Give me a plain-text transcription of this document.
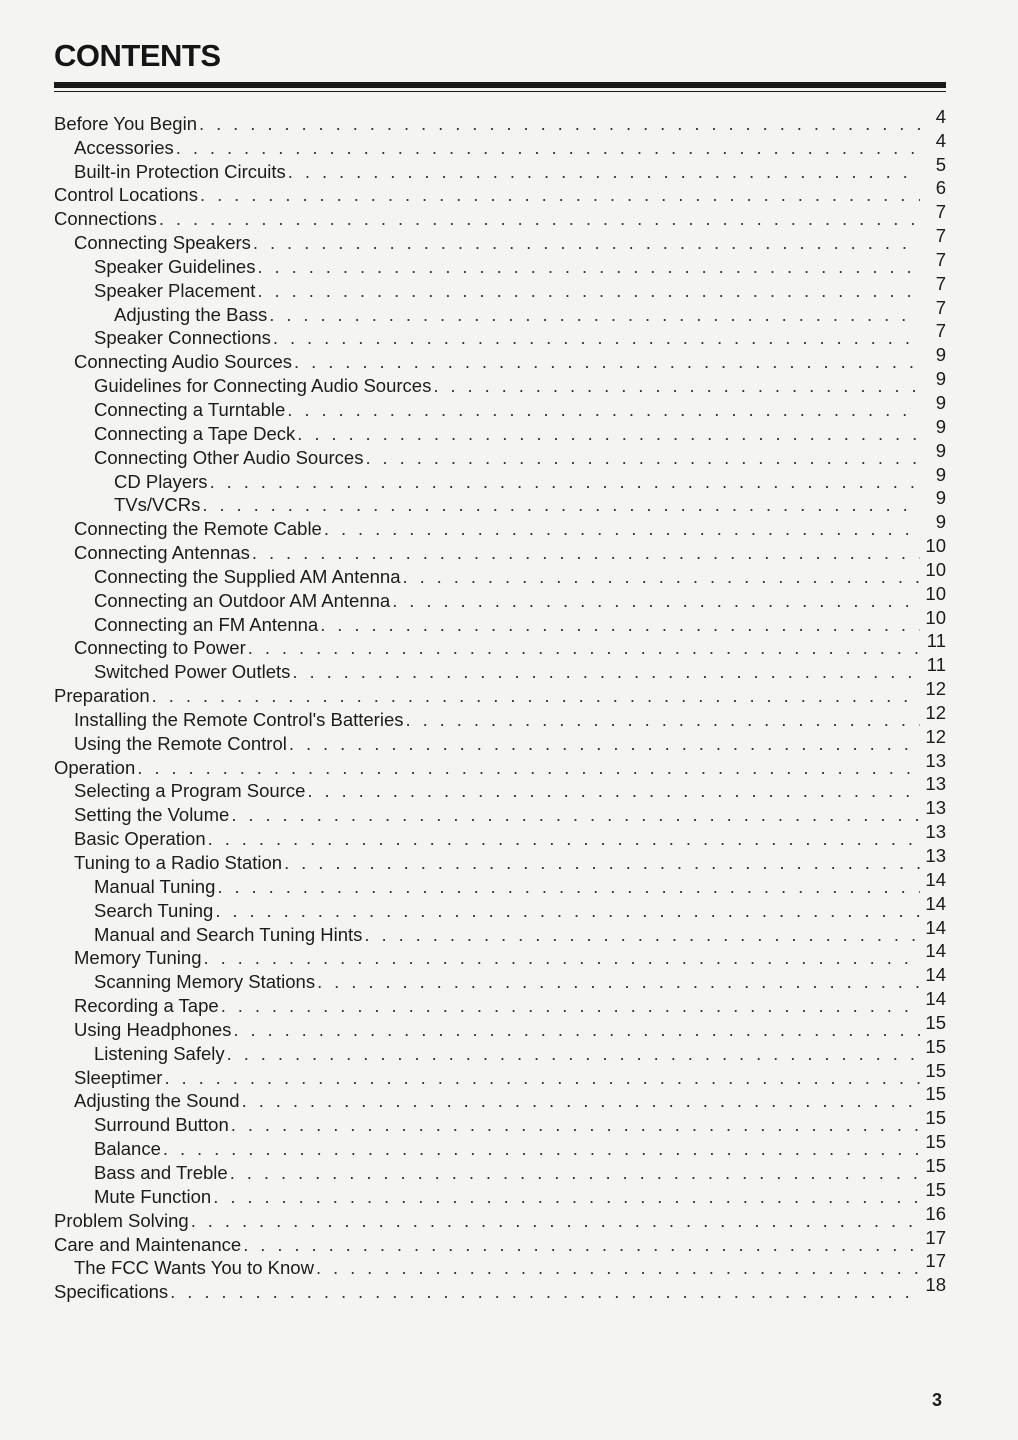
CONTENTS
Before You Begin . . .	4
Accessories . . .	4
Built-in Protection Circuits . . .	5
Control Locations . . .	6
Connections . . .	7
Connecting Speakers . . .	7
Speaker Guidelines . . .	7
Speaker Placement . . .	7
Adjusting the Bass . . .	7
Speaker Connections . . .	7
Connecting Audio Sources . . .	9
Guidelines for Connecting Audio Sources . . .	9
Connecting a Turntable . . .	9
Connecting a Tape Deck . . .	9
Connecting Other Audio Sources . . .	9
CD Players . . .	9
TVs/VCRs . . .	9
Connecting the Remote Cable . . .	9
Connecting Antennas . . .	10
Connecting the Supplied AM Antenna . . .	10
Connecting an Outdoor AM Antenna . . .	10
Connecting an FM Antenna . . .	10
Connecting to Power . . .	11
Switched Power Outlets . . .	11
Preparation . . .	12
Installing the Remote Control's Batteries . . .	12
Using the Remote Control . . .	12
Operation . . .	13
Selecting a Program Source . . .	13
Setting the Volume . . .	13
Basic Operation . . .	13
Tuning to a Radio Station . . .	13
Manual Tuning . . .	14
Search Tuning . . .	14
Manual and Search Tuning Hints . . .	14
Memory Tuning . . .	14
Scanning Memory Stations . . .	14
Recording a Tape . . .	14
Using Headphones . . .	15
Listening Safely . . .	15
Sleeptimer . . .	15
Adjusting the Sound . . .	15
Surround Button . . .	15
Balance . . .	15
Bass and Treble . . .	15
Mute Function . . .	15
Problem Solving . . .	16
Care and Maintenance . . .	17
The FCC Wants You to Know . . .	17
Specifications . . .	18
3
